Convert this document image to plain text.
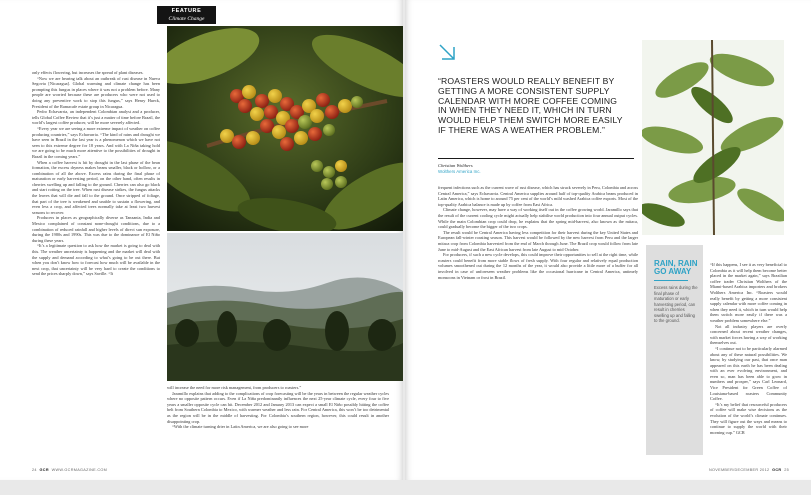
FEATURE
Climate Change

only effects flowering, but increases the spread of plant diseases.

“Now we are hearing talk about an outbreak of rust disease in Nueva Segovia [Nicaragua]. Global warming and climate change has been prompting this fungus in places where it was not a problem before. Many people are worried because these are producers who were not used to doing any preventive work to stop this fungus,” says Henry Hueck, President of the Ramacafe estate group in Nicaragua.

Pedro Echavarria, an independent Colombian analyst and a producer, tells Global Coffee Review that it’s just a matter of time before Brazil, the world’s largest coffee producer, will be more severely affected.

“Every year we are seeing a more extreme impact of weather on coffee producing countries,” says Echavarria. “The kind of rains and drought we have seen in Brazil in the last year is a phenomenon which we have not seen to this extreme degree for 18 years. And with La Niña taking hold we are going to be much more attentive to the possibilities of drought in Brazil in the coming years.”

When a coffee harvest is hit by drought in the last phase of the bean formation, the excess dryness makes beans smaller, black or hollow, or a combination of all the above. Excess rains during the final phase of maturation or early harvesting period, on the other hand, often results in cherries swelling up and falling to the ground. Cherries can also go black and start rotting on the tree. When rust disease strikes, the fungus attacks the leaves that will die and fall to the ground. Once stripped of foliage, that part of the tree is weakened and unable to sustain a flowering, and even less a crop, and affected trees normally take at least two harvest seasons to recover.

Producers in places as geographically diverse as Tanzania, India and Mexico complained of constant none-drought conditions, due to a combination of reduced rainfall and higher levels of direct sun exposure, during the 1980s and 1990s. This was due to the dominance of El Niño during these years.

“It’s a legitimate question to ask how the market is going to deal with this. The weather uncertainty is happening and the market will deal with the supply and demand according to what’s going to be out there. But when you don’t know how to forecast how much will be available in the next crop, that uncertainty will be very hard to create the conditions to send the prices sharply down,” says Saville. “It

will increase the need for more risk management, from producers to roasters.”

Jaramillo explains that adding to the complications of crop forecasting will be the years in between the regular weather cycles where no opposite pattern occurs. Even if La Niña predominantly influences the next 25-year climate cycle, every four to five years a smaller opposite cycle can hit. December 2012 and January 2013 can expect a small El Niño possibly hitting the coffee belt from Southern Colombia to Mexico, with warmer weather and less rain. For Central America, this won’t be too detrimental as the region will be in the middle of harvesting. For Colombia’s southern region, however, this could result in another disappointing crop.

“With the climate turning drier in Latin America, we are also going to see more

24 GCR WWW.GCRMAGAZINE.COM
“ROASTERS WOULD REALLY BENEFIT BY GETTING A MORE CONSISTENT SUPPLY CALENDAR WITH MORE COFFEE COMING IN WHEN THEY NEED IT, WHICH IN TURN WOULD HELP THEM SWITCH MORE EASILY IF THERE WAS A WEATHER PROBLEM.”
Christian Wolthers
Wolthers America Inc.

frequent infections such as the current wave of rust disease, which has struck severely in Peru, Colombia and across Central America,” says Echavarria. Central America supplies around half of top-quality Arabica beans produced in Latin America, which is home to around 75 per cent of the world’s mild washed Arabica coffee exports. Most of the top-quality Arabica balance is made up by coffee from East Africa.

Climate change, however, may have a way of working itself out in the coffee growing world. Jaramillo says that the result of the current cooling cycle might actually help stabilise world production into four annual output cycles. While the main Colombian crop could drop, he explains that the spring mid-harvest, also known as the mitaca, could gradually become the bigger of the two crops.

The result would be Central America having less competition for their harvest during the key United States and European fall-winter roasting season. This harvest would be followed by the new harvest from Peru and the larger mitaca crop from Colombia harvested from the end of March through June. The Brazil crop would follow from late June to mid-August and the East African harvest from late August to mid October.

For producers, if such a new cycle develops, this could improve their opportunities to sell at the right time, while roasters could benefit from more stable flows of fresh supply. With four regular and relatively equal production volumes smoothened out during the 12 months of the year, it would also provide a little more of a buffer for all involved in case of unforeseen weather problems like the occasional hurricane in Central America, untimely monsoons in Vietnam or frost in Brazil.

RAIN, RAIN GO AWAY
Excess rains during the final phase of maturation or early harvesting period, can result in cherries swelling up and falling to the ground.

“If this happens, I see it as very beneficial to Colombia as it will help them become better placed in the market again,” says Brazilian coffee trader Christian Wolthers of the Miami-based Arabica importers and brokers Wolthers America Inc. “Roasters would really benefit by getting a more consistent supply calendar with more coffee coming in when they need it, which in turn would help them switch more easily if there was a weather problem somewhere else.”

Not all industry players are overly concerned about recent weather changes, with market forces having a way of working themselves out.

“I continue not to be particularly alarmed about any of these natural possibilities. We know, by studying our past, that once man appeared on this earth he has been dealing with an ever evolving environment, and even so, man has been able to grow in numbers and prosper,” says Carl Leonard, Vice President for Green Coffee of Louisiana-based roasters Community Coffee.

“It’s my belief that resourceful producers of coffee will make wise decisions as the evolution of the world’s climate continues. They will figure out the ways and means to continue to supply the world with their morning cup.” GCR

NOVEMBER/DECEMBER 2012 GCR 25
